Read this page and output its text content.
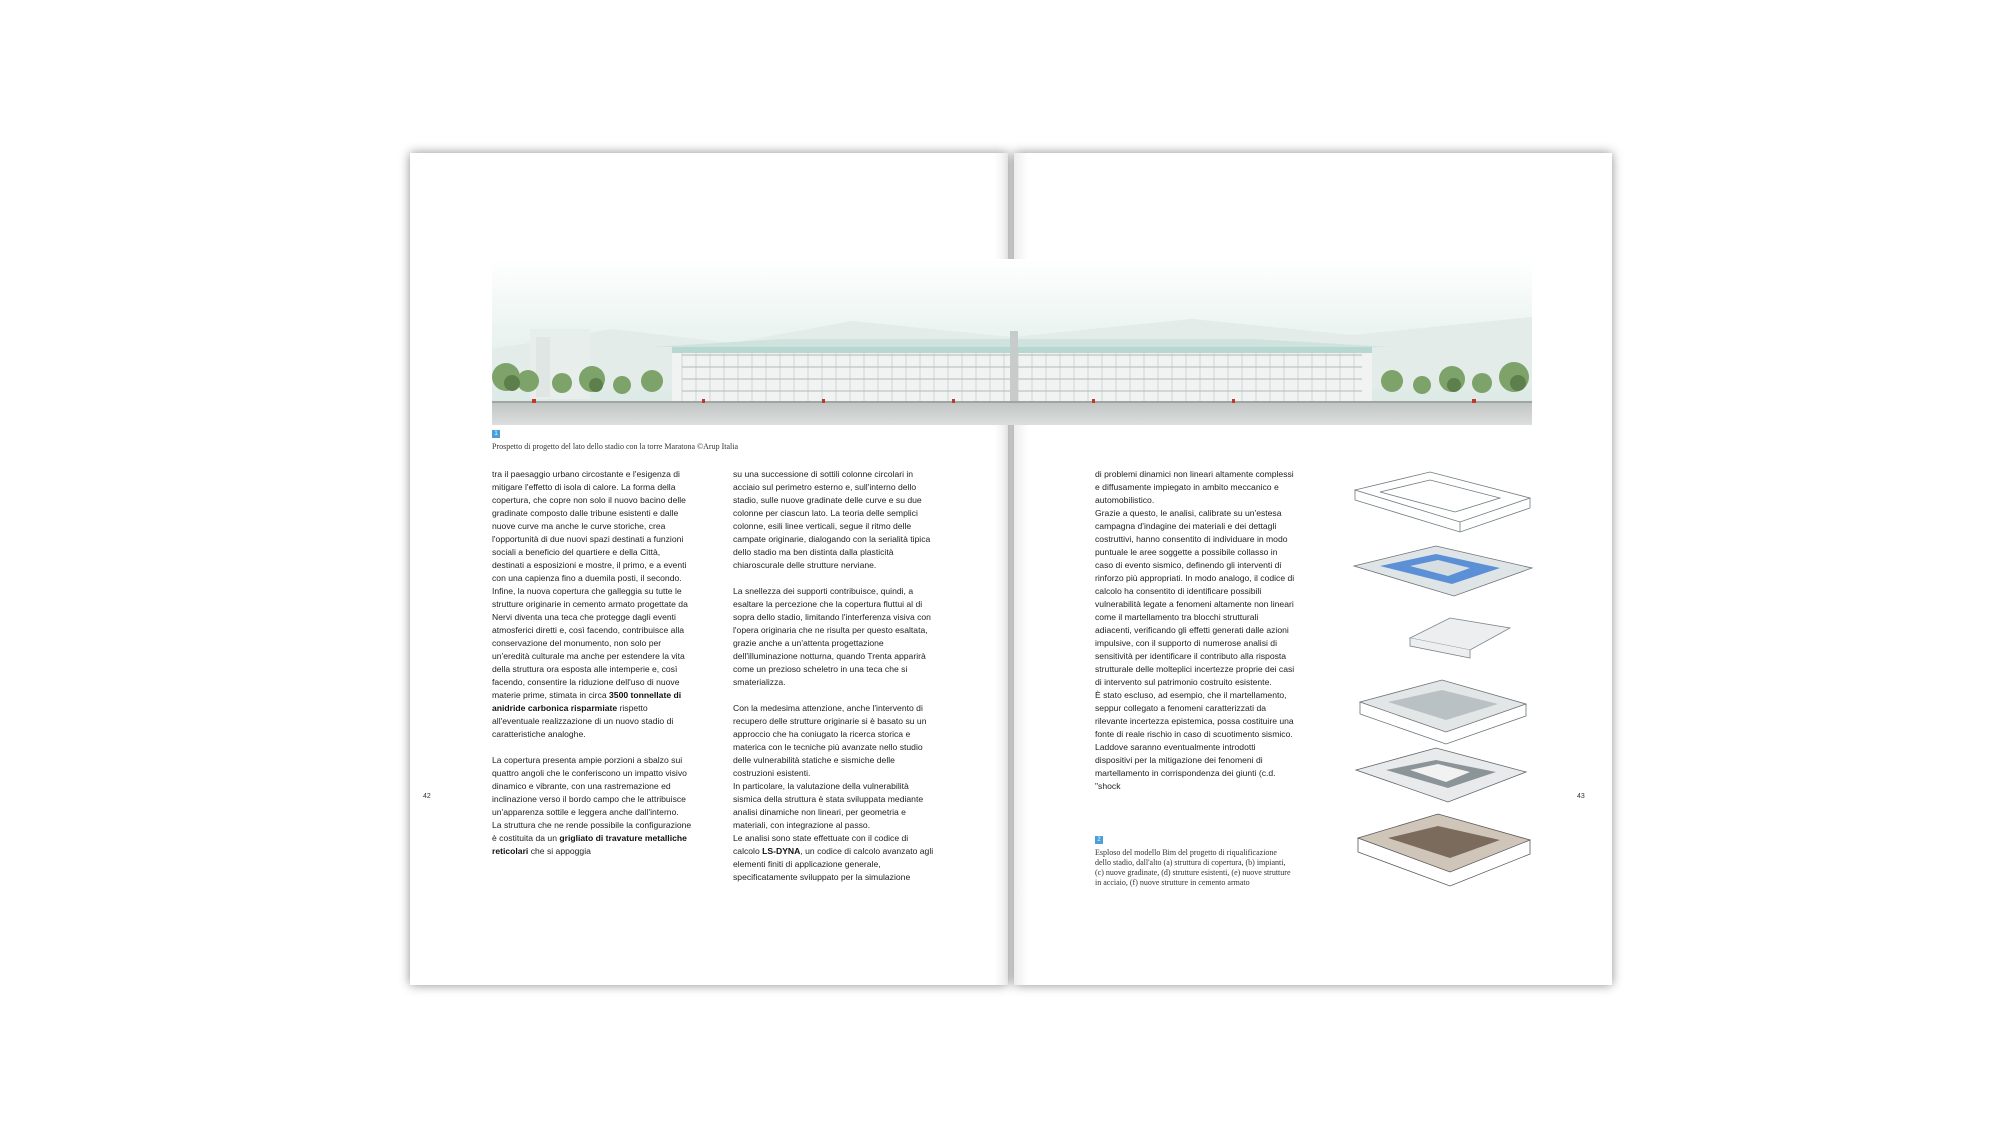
1
Prospetto di progetto del lato dello stadio con la torre Maratona ©Arup Italia

tra il paesaggio urbano circostante e l'esigenza di mitigare l'effetto di isola di calore. La forma della copertura, che copre non solo il nuovo bacino delle gradinate composto dalle tribune esistenti e dalle nuove curve ma anche le curve storiche, crea l'opportunità di due nuovi spazi destinati a funzioni sociali a beneficio del quartiere e della Città, destinati a esposizioni e mostre, il primo, e a eventi con una capienza fino a duemila posti, il secondo.

Infine, la nuova copertura che galleggia su tutte le strutture originarie in cemento armato progettate da Nervi diventa una teca che protegge dagli eventi atmosferici diretti e, così facendo, contribuisce alla conservazione del monumento, non solo per un'eredità culturale ma anche per estendere la vita della struttura ora esposta alle intemperie e, così facendo, consentire la riduzione dell'uso di nuove materie prime, stimata in circa 3500 tonnellate di anidride carbonica risparmiate rispetto all'eventuale realizzazione di un nuovo stadio di caratteristiche analoghe.

La copertura presenta ampie porzioni a sbalzo sui quattro angoli che le conferiscono un impatto visivo dinamico e vibrante, con una rastremazione ed inclinazione verso il bordo campo che le attribuisce un'apparenza sottile e leggera anche dall'interno.

La struttura che ne rende possibile la configurazione è costituita da un grigliato di travature metalliche reticolari che si appoggia

su una successione di sottili colonne circolari in acciaio sul perimetro esterno e, sull'interno dello stadio, sulle nuove gradinate delle curve e su due colonne per ciascun lato. La teoria delle semplici colonne, esili linee verticali, segue il ritmo delle campate originarie, dialogando con la serialità tipica dello stadio ma ben distinta dalla plasticità chiaroscurale delle strutture nerviane.

La snellezza dei supporti contribuisce, quindi, a esaltare la percezione che la copertura fluttui al di sopra dello stadio, limitando l'interferenza visiva con l'opera originaria che ne risulta per questo esaltata, grazie anche a un'attenta progettazione dell'illuminazione notturna, quando Trenta apparirà come un prezioso scheletro in una teca che si smaterializza.

Con la medesima attenzione, anche l'intervento di recupero delle strutture originarie si è basato su un approccio che ha coniugato la ricerca storica e materica con le tecniche più avanzate nello studio delle vulnerabilità statiche e sismiche delle costruzioni esistenti.

In particolare, la valutazione della vulnerabilità sismica della struttura è stata sviluppata mediante analisi dinamiche non lineari, per geometria e materiali, con integrazione al passo.

Le analisi sono state effettuate con il codice di calcolo LS-DYNA, un codice di calcolo avanzato agli elementi finiti di applicazione generale, specificatamente sviluppato per la simulazione

di problemi dinamici non lineari altamente complessi e diffusamente impiegato in ambito meccanico e automobilistico.

Grazie a questo, le analisi, calibrate su un'estesa campagna d'indagine dei materiali e dei dettagli costruttivi, hanno consentito di individuare in modo puntuale le aree soggette a possibile collasso in caso di evento sismico, definendo gli interventi di rinforzo più appropriati. In modo analogo, il codice di calcolo ha consentito di identificare possibili vulnerabilità legate a fenomeni altamente non lineari come il martellamento tra blocchi strutturali adiacenti, verificando gli effetti generati dalle azioni impulsive, con il supporto di numerose analisi di sensitività per identificare il contributo alla risposta strutturale delle molteplici incertezze proprie dei casi di intervento sul patrimonio costruito esistente.

È stato escluso, ad esempio, che il martellamento, seppur collegato a fenomeni caratterizzati da rilevante incertezza epistemica, possa costituire una fonte di reale rischio in caso di scuotimento sismico. Laddove saranno eventualmente introdotti dispositivi per la mitigazione dei fenomeni di martellamento in corrispondenza dei giunti (c.d. "shock

2
Esploso del modello Bim del progetto di riqualificazione dello stadio, dall'alto (a) struttura di copertura, (b) impianti, (c) nuove gradinate, (d) strutture esistenti, (e) nuove strutture in acciaio, (f) nuove strutture in cemento armato
42	43
